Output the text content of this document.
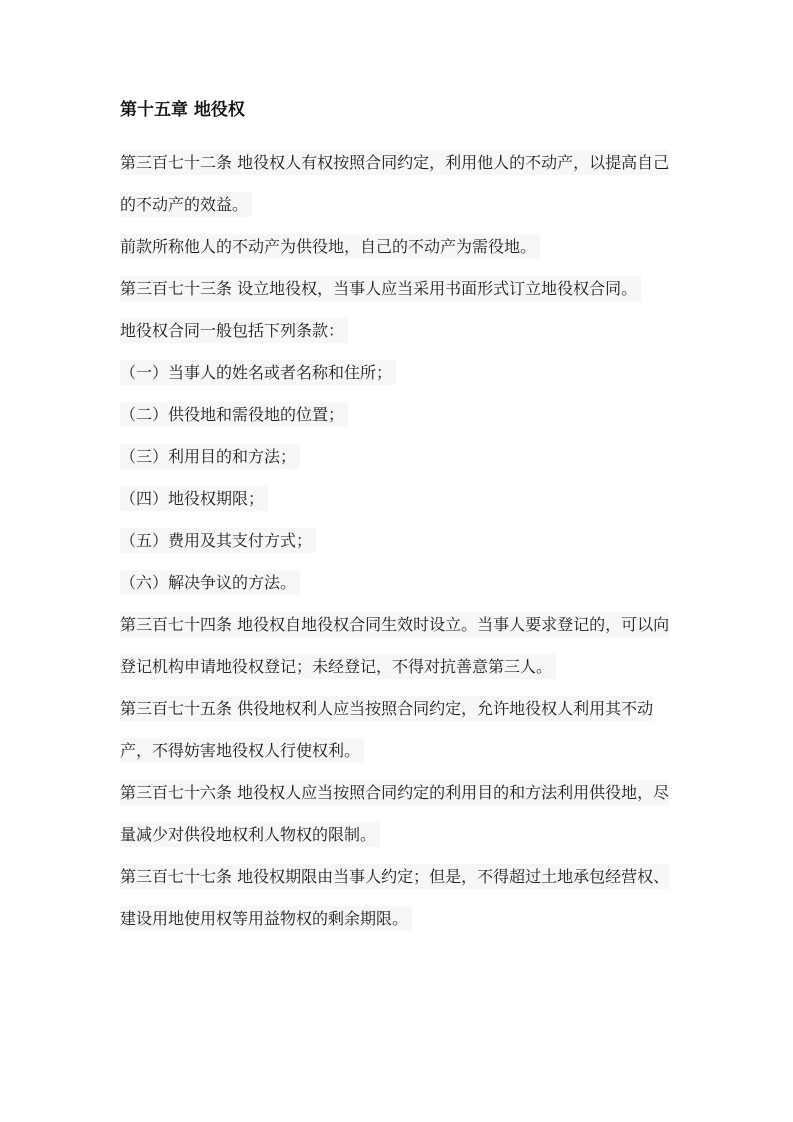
第十五章 地役权

第三百七十二条 地役权人有权按照合同约定，利用他人的不动产，以提高自己的不动产的效益。

前款所称他人的不动产为供役地，自己的不动产为需役地。

第三百七十三条 设立地役权，当事人应当采用书面形式订立地役权合同。

地役权合同一般包括下列条款：

（一）当事人的姓名或者名称和住所；

（二）供役地和需役地的位置；

（三）利用目的和方法；

（四）地役权期限；

（五）费用及其支付方式；

（六）解决争议的方法。

第三百七十四条 地役权自地役权合同生效时设立。当事人要求登记的，可以向登记机构申请地役权登记；未经登记，不得对抗善意第三人。

第三百七十五条 供役地权利人应当按照合同约定，允许地役权人利用其不动产，不得妨害地役权人行使权利。

第三百七十六条 地役权人应当按照合同约定的利用目的和方法利用供役地，尽量减少对供役地权利人物权的限制。

第三百七十七条 地役权期限由当事人约定；但是，不得超过土地承包经营权、建设用地使用权等用益物权的剩余期限。
